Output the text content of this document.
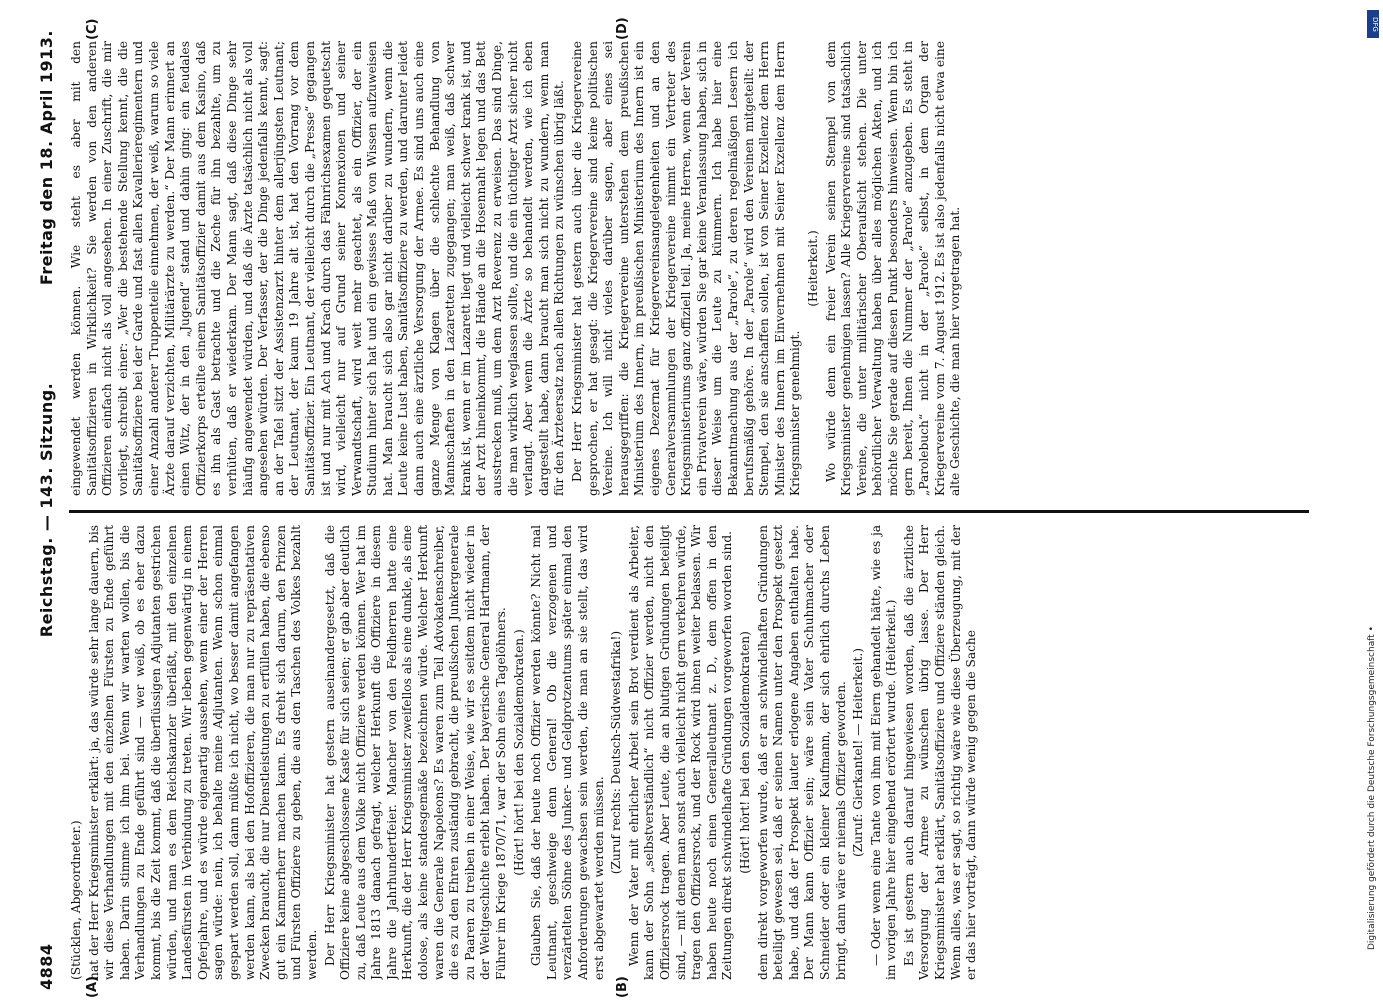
4884
Reichstag. — 143. Sitzung.
Freitag den 18. April 1913.
(A)	(B)
(C)	(D)

(Stücklen, Abgeordneter.) hat der Herr Kriegsminister erklärt: ja, das würde sehr lange dauern, bis wir diese Verhandlungen mit den einzelnen Fürsten zu Ende geführt haben. Darin stimme ich ihm bei. Wenn wir warten wollen, bis die Verhandlungen zu Ende geführt sind — wer weiß, ob es eher dazu kommt, bis die Zeit kommt, daß die überflüssigen Adjutanten gestrichen würden, und man es dem Reichskanzler überläßt, mit den einzelnen Landesfürsten in Verbindung zu treten. Wir leben gegenwärtig in einem Opferjahre, und es würde eigenartig aussehen, wenn einer der Herren sagen würde: nein, ich behalte meine Adjutanten. Wenn schon einmal gespart werden soll, dann müßte ich nicht, wo besser damit angefangen werden kann, als bei den Hofoffizieren, die man nur zu repräsentativen Zwecken braucht, die nur Dienstleistungen zu erfüllen haben, die ebenso gut ein Kammerherr machen kann. Es dreht sich darum, den Prinzen und Fürsten Offiziere zu geben, die aus den Taschen des Volkes bezahlt werden. Der Herr Kriegsminister hat gestern auseinandergesetzt, daß die Offiziere keine abgeschlossene Kaste für sich seien; er gab aber deutlich zu, daß Leute aus dem Volke nicht Offiziere werden können. Wer hat im Jahre 1813 danach gefragt, welcher Herkunft die Offiziere in diesem Jahre die Jahrhundertfeier. Mancher von den Feldherren hatte eine Herkunft, die der Herr Kriegsminister zweifellos als eine dunkle, als eine dolose, als keine standesgemäße bezeichnen würde. Welcher Herkunft waren die Generale Napoleons? Es waren zum Teil Advokatenschreiber, die es zu den Ehren zuständig gebracht, die preußischen Junkergenerale zu Paaren zu treiben in einer Weise, wie wir es seitdem nicht wieder in der Weltgeschichte erlebt haben. Der bayerische General Hartmann, der Führer im Kriege 1870/71, war der Sohn eines Tagelöhners. (Hört! hört! bei den Sozialdemokraten.) Glauben Sie, daß der heute noch Offizier werden könnte? Nicht mal Leutnant, geschweige denn General! Ob die verzogenen und verzärtelten Söhne des Junker- und Geldprotzentums später einmal den Anforderungen gewachsen sein werden, die man an sie stellt, das wird erst abgewartet werden müssen.

(Zuruf rechts: Deutsch-Südwestafrika!) Wenn der Vater mit ehrlicher Arbeit sein Brot verdient als Arbeiter, kann der Sohn „selbstverständlich“ nicht Offizier werden, nicht den Offiziersrock tragen. Aber Leute, die an blutigen Gründungen beteiligt sind, — mit denen man sonst auch vielleicht nicht gern verkehren würde, tragen den Offiziersrock, und der Rock wird ihnen weiter belassen. Wir haben heute noch einen Generalleutnant z. D., dem offen in den Zeitungen direkt schwindelhafte Gründungen vorgeworfen worden sind. (Hört! hört! bei den Sozialdemokraten) dem direkt vorgeworfen wurde, daß er an schwindelhaften Gründungen beteiligt gewesen sei, daß er seinen Namen unter den Prospekt gesetzt habe, und daß der Prospekt lauter erlogene Angaben enthalten habe. Der Mann kann Offizier sein; wäre sein Vater Schuhmacher oder Schneider oder ein kleiner Kaufmann, der sich ehrlich durchs Leben bringt, dann wäre er niemals Offizier geworden. (Zuruf: Gierkantel! — Heiterkeit.) — Oder wenn eine Tante von ihm mit Eiern gehandelt hätte, wie es ja im vorigen Jahre hier eingehend erörtert wurde. (Heiterkeit.) Es ist gestern auch darauf hingewiesen worden, daß die ärztliche Versorgung der Armee zu wünschen übrig lasse. Der Herr Kriegsminister hat erklärt, Sanitätsoffiziere und Offiziere ständen gleich. Wenn alles, was er sagt, so richtig wäre wie diese Überzeugung, mit der er das hier vorträgt, dann würde wenig gegen die Sache

eingewendet werden können. Wie steht es aber mit den Sanitätsoffizieren in Wirklichkeit? Sie werden von den anderen Offizieren einfach nicht als voll angesehen. In einer Zuschrift, die mir vorliegt, schreibt einer: „Wer die bestehende Stellung kennt, die die Sanitätsoffiziere bei der Garde und fast allen Kavallerieregimentern und einer Anzahl anderer Truppenteile einnehmen, der weiß, warum so viele Ärzte darauf verzichten, Militärärzte zu werden.“ Der Mann erinnert an einen Witz, der in den „Jugend“ stand und dahin ging: ein feudales Offizierkorps erteilte einem Sanitätsoffizier damit aus dem Kasino, daß es ihn als Gast betrachte und die Zeche für ihn bezahlte, um zu verhüten, daß er wiederkam. Der Mann sagt, daß diese Dinge sehr häufig angewendet würden, und daß die Ärzte tatsächlich nicht als voll angesehen würden. Der Verfasser, der die Dinge jedenfalls kennt, sagt: an der Tafel sitzt der Assistenzarzt hinter dem allerjüngsten Leutnant; der Leutnant, der kaum 19 Jahre alt ist, hat den Vorrang vor dem Sanitätsoffizier. Ein Leutnant, der vielleicht durch die „Presse“ gegangen ist und nur mit Ach und Krach durch das Fähnrichsexamen gequetscht wird, vielleicht nur auf Grund seiner Konnexionen und seiner Verwandtschaft, wird weit mehr geachtet, als ein Offizier, der ein Studium hinter sich hat und ein gewisses Maß von Wissen aufzuweisen hat. Man braucht sich also gar nicht darüber zu wundern, wenn die Leute keine Lust haben, Sanitätsoffiziere zu werden, und darunter leidet dann auch eine ärztliche Versorgung der Armee. Es sind uns auch eine ganze Menge von Klagen über die schlechte Behandlung von Mannschaften in den Lazaretten zugegangen; man weiß, daß schwer krank ist, wenn er im Lazarett liegt und vielleicht schwer krank ist, und der Arzt hineinkommt, die Hände an die Hosennaht legen und das Bett ausstrecken muß, um dem Arzt Reverenz zu erweisen. Das sind Dinge, die man wirklich weglassen sollte, und die ein tüchtiger Arzt sicher nicht verlangt. Aber wenn die Ärzte so behandelt werden, wie ich eben dargestellt habe, dann braucht man sich nicht zu wundern, wenn man für den Ärzteersatz nach allen Richtungen zu wünschen übrig läßt. Der Herr Kriegsminister hat gestern auch über die Kriegervereine gesprochen, er hat gesagt: die Kriegervereine sind keine politischen Vereine. Ich will nicht vieles darüber sagen, aber eines sei herausgegriffen: die Kriegervereine unterstehen dem preußischen Ministerium des Innern, im preußischen Ministerium des Innern ist ein eigenes Dezernat für Kriegervereinsangelegenheiten und an den Generalversammlungen der Kriegervereine nimmt ein Vertreter des Kriegsministeriums ganz offiziell teil. Ja, meine Herren, wenn der Verein ein Privatverein wäre, würden Sie gar keine Veranlassung haben, sich in dieser Weise um die Leute zu kümmern. Ich habe hier eine Bekanntmachung aus der „Parole“, zu deren regelmäßigen Lesern ich berufsmäßig gehöre. In der „Parole“ wird den Vereinen mitgeteilt: der Stempel, den sie anschaffen sollen, ist von Seiner Exzellenz dem Herrn Minister des Innern im Einvernehmen mit Seiner Exzellenz dem Herrn Kriegsminister genehmigt.

(Heiterkeit.) Wo würde denn ein freier Verein seinen Stempel von dem Kriegsminister genehmigen lassen? Alle Kriegervereine sind tatsächlich Vereine, die unter militärischer Oberaufsicht stehen. Die unter behördlicher Verwaltung haben über alles möglichen Akten, und ich möchte Sie gerade auf diesen Punkt besonders hinweisen. Wenn bin ich gern bereit, Ihnen die Nummer der „Parole“ anzugeben. Es steht in „Parolebuch“ nicht in der „Parole“ selbst, in dem Organ der Kriegervereine vom 7. August 1912. Es ist also jedenfalls nicht etwa eine alte Geschichte, die man hier vorgetragen hat.

Digitalisierung gefördert durch die Deutsche Forschungsgemeinschaft •
DFG
